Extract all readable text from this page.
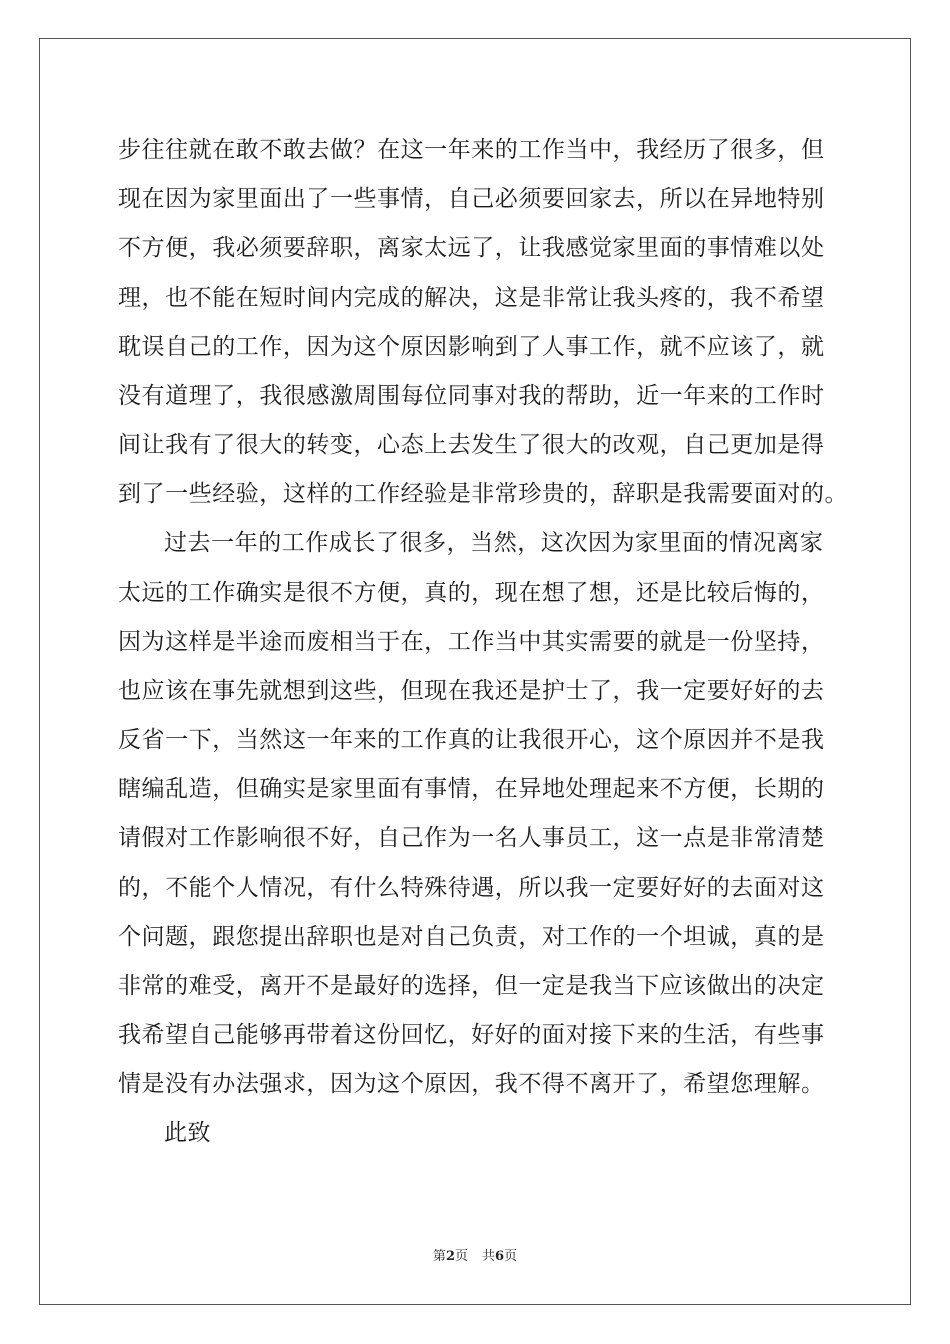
步往往就在敢不敢去做？在这一年来的工作当中，我经历了很多，但
现在因为家里面出了一些事情，自己必须要回家去，所以在异地特别
不方便，我必须要辞职，离家太远了，让我感觉家里面的事情难以处
理，也不能在短时间内完成的解决，这是非常让我头疼的，我不希望
耽误自己的工作，因为这个原因影响到了人事工作，就不应该了，就
没有道理了，我很感激周围每位同事对我的帮助，近一年来的工作时
间让我有了很大的转变，心态上去发生了很大的改观，自己更加是得
到了一些经验，这样的工作经验是非常珍贵的，辞职是我需要面对的。
过去一年的工作成长了很多，当然，这次因为家里面的情况离家
太远的工作确实是很不方便，真的，现在想了想，还是比较后悔的，
因为这样是半途而废相当于在，工作当中其实需要的就是一份坚持，
也应该在事先就想到这些，但现在我还是护士了，我一定要好好的去
反省一下，当然这一年来的工作真的让我很开心，这个原因并不是我
瞎编乱造，但确实是家里面有事情，在异地处理起来不方便，长期的
请假对工作影响很不好，自己作为一名人事员工，这一点是非常清楚
的，不能个人情况，有什么特殊待遇，所以我一定要好好的去面对这
个问题，跟您提出辞职也是对自己负责，对工作的一个坦诚，真的是
非常的难受，离开不是最好的选择，但一定是我当下应该做出的决定
我希望自己能够再带着这份回忆，好好的面对接下来的生活，有些事
情是没有办法强求，因为这个原因，我不得不离开了，希望您理解。
此致
第2页 共6页
